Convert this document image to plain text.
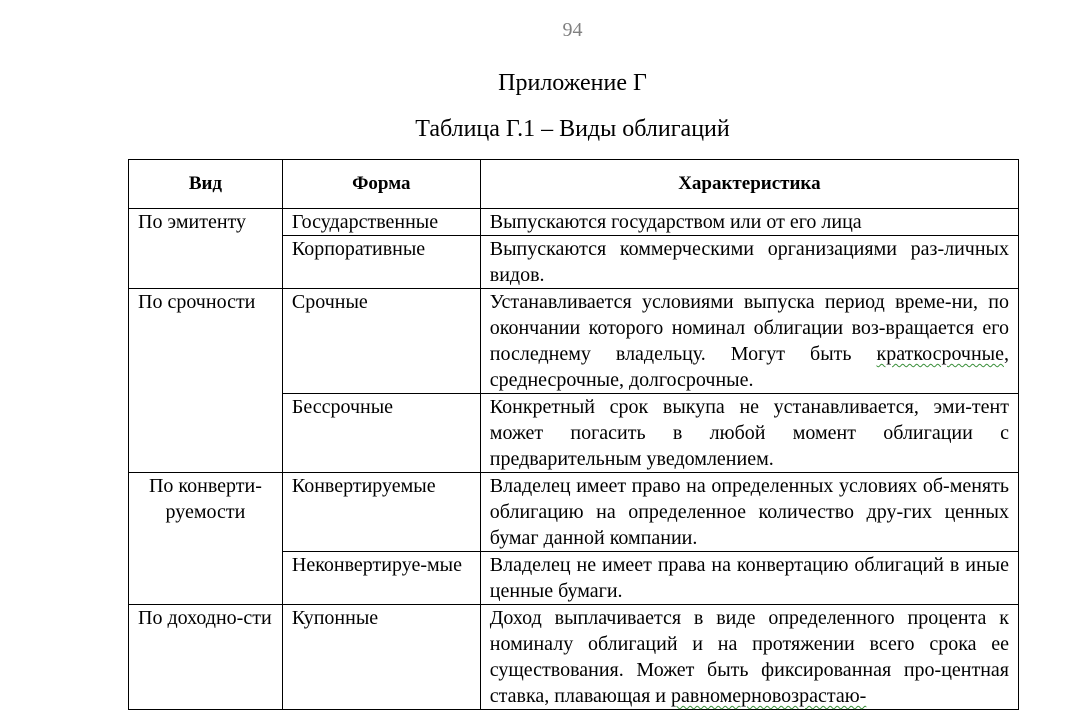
94
Приложение Г
Таблица Г.1 – Виды облигаций
Вид	Форма	Характеристика
По эмитенту	Государственные	Выпускаются государством или от его лица
	Корпоративные	Выпускаются коммерческими организациями раз-личных видов.
По срочности	Срочные	Устанавливается условиями выпуска период време-ни, по окончании которого номинал облигации воз-вращается его последнему владельцу. Могут быть краткосрочные, среднесрочные, долгосрочные.
	Бессрочные	Конкретный срок выкупа не устанавливается, эми-тент может погасить в любой момент облигации с предварительным уведомлением.
По конверти-руемости	Конвертируемые	Владелец имеет право на определенных условиях об-менять облигацию на определенное количество дру-гих ценных бумаг данной компании.
	Неконвертируе-мые	Владелец не имеет права на конвертацию облигаций в иные ценные бумаги.
По доходно-сти	Купонные	Доход выплачивается в виде определенного процента к номиналу облигаций и на протяжении всего срока ее существования. Может быть фиксированная про-центная ставка, плавающая и равномерновозрастаю-
